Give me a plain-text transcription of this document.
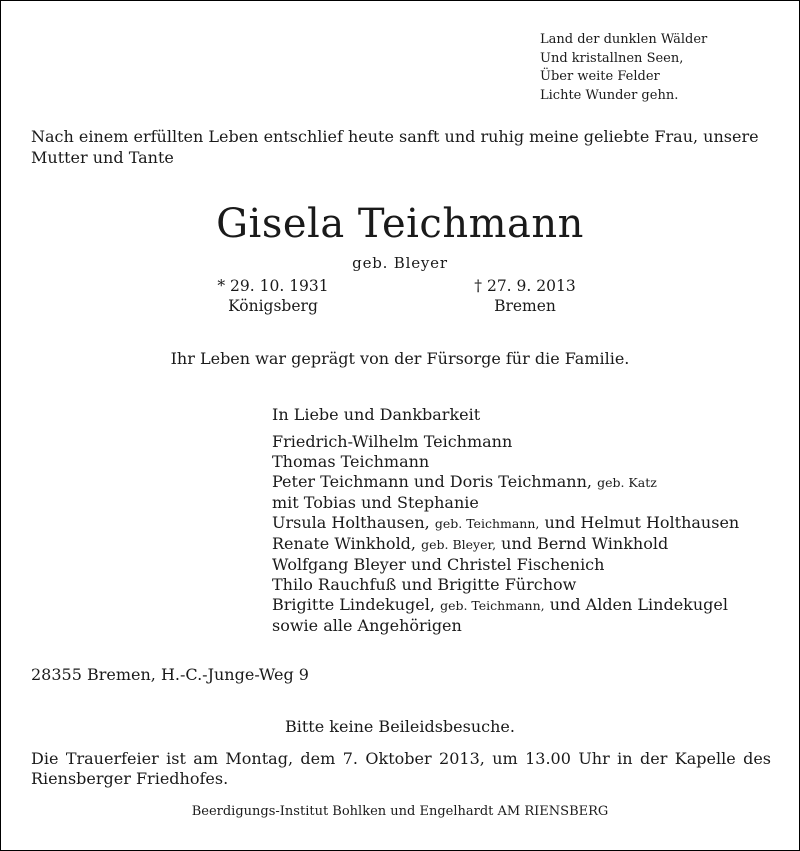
Land der dunklen Wälder
Und kristallnen Seen,
Über weite Felder
Lichte Wunder gehn.
Nach einem erfüllten Leben entschlief heute sanft und ruhig meine geliebte Frau, unsere Mutter und Tante
Gisela Teichmann
geb. Bleyer
* 29. 10. 1931
Königsberg
† 27. 9. 2013
Bremen
Ihr Leben war geprägt von der Fürsorge für die Familie.
In Liebe und Dankbarkeit
Friedrich-Wilhelm Teichmann
Thomas Teichmann
Peter Teichmann und Doris Teichmann, geb. Katz
mit Tobias und Stephanie
Ursula Holthausen, geb. Teichmann, und Helmut Holthausen
Renate Winkhold, geb. Bleyer, und Bernd Winkhold
Wolfgang Bleyer und Christel Fischenich
Thilo Rauchfuß und Brigitte Fürchow
Brigitte Lindekugel, geb. Teichmann, und Alden Lindekugel
sowie alle Angehörigen
28355 Bremen, H.-C.-Junge-Weg 9
Bitte keine Beileidsbesuche.
Die Trauerfeier ist am Montag, dem 7. Oktober 2013, um 13.00 Uhr in der Kapelle des
Riensberger Friedhofes.
Beerdigungs-Institut Bohlken und Engelhardt AM RIENSBERG
